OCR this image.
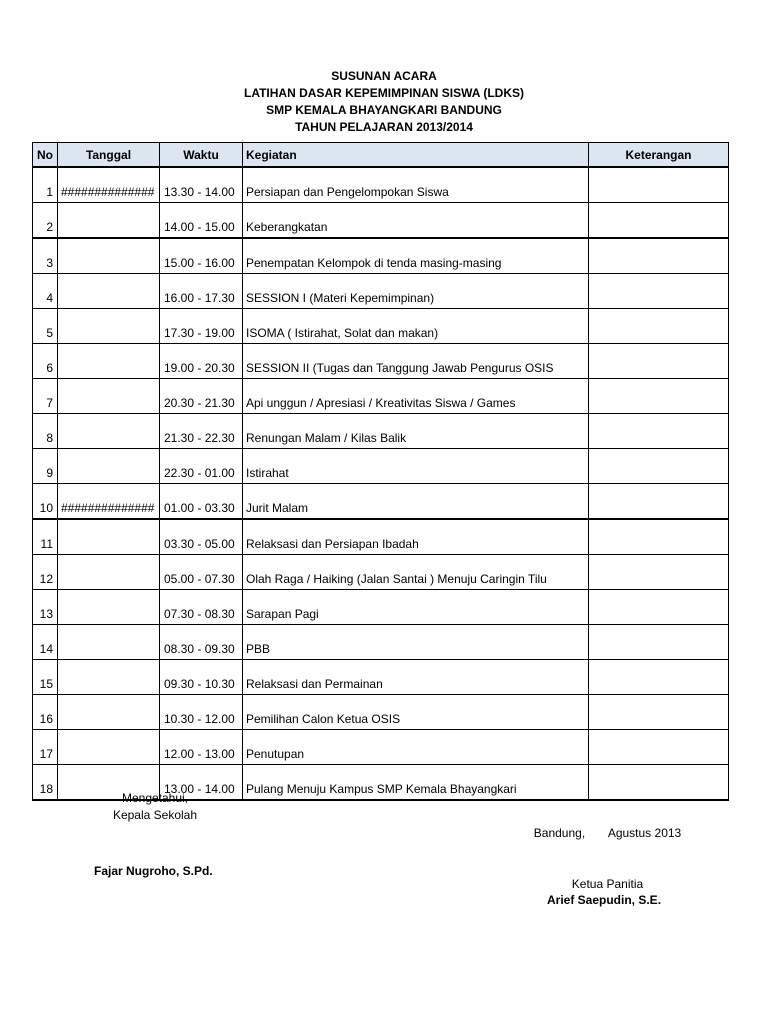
SUSUNAN ACARA
LATIHAN DASAR KEPEMIMPINAN SISWA (LDKS)
SMP KEMALA BHAYANGKARI BANDUNG
TAHUN PELAJARAN 2013/2014
No	Tanggal	Waktu	Kegiatan	Keterangan
1	##############	13.30 - 14.00	Persiapan dan Pengelompokan Siswa	
2		14.00 - 15.00	Keberangkatan	
3		15.00 - 16.00	Penempatan Kelompok di tenda masing-masing	
4		16.00 - 17.30	SESSION I (Materi Kepemimpinan)	
5		17.30 - 19.00	ISOMA ( Istirahat, Solat dan makan)	
6		19.00 - 20.30	SESSION II (Tugas dan Tanggung Jawab Pengurus OSIS	
7		20.30 - 21.30	Api unggun / Apresiasi / Kreativitas Siswa / Games	
8		21.30 - 22.30	Renungan Malam / Kilas Balik	
9		22.30 - 01.00	Istirahat	
10	##############	01.00 - 03.30	Jurit Malam	
11		03.30 - 05.00	Relaksasi dan Persiapan Ibadah	
12		05.00 - 07.30	Olah Raga / Haiking (Jalan Santai ) Menuju Caringin Tilu	
13		07.30 - 08.30	Sarapan Pagi	
14		08.30 - 09.30	PBB	
15		09.30 - 10.30	Relaksasi dan Permainan	
16		10.30 - 12.00	Pemilihan Calon Ketua OSIS	
17		12.00 - 13.00	Penutupan	
18		13.00 - 14.00	Pulang Menuju Kampus SMP Kemala Bhayangkari	
Mengetahui,
Kepala Sekolah
Fajar Nugroho, S.Pd.

Bandung,       Agustus 2013

Ketua Panitia

Arief Saepudin, S.E.
